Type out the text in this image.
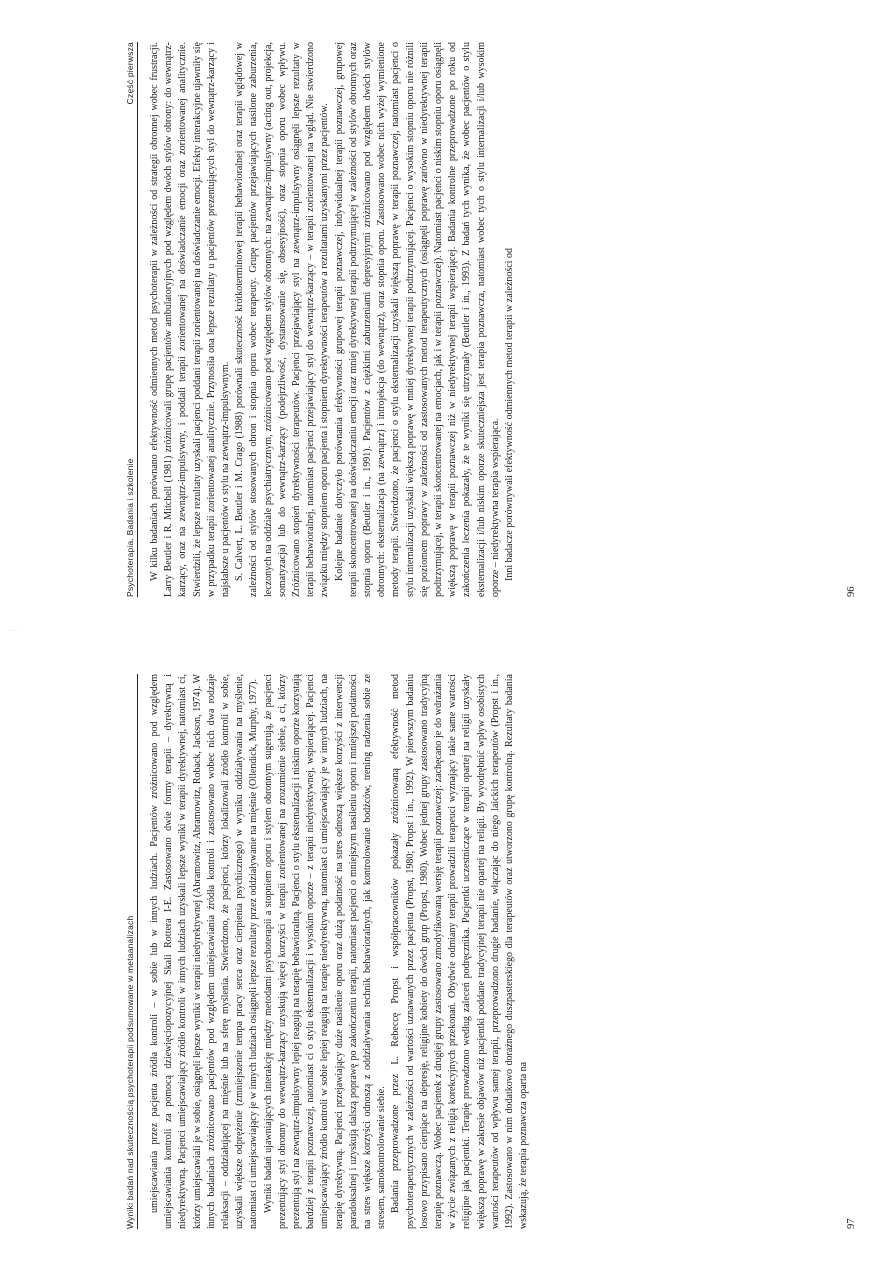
Psychoterapia. Badania i szkolenie
Część pierwsza W kilku badaniach porównano efektywność odmiennych metod psychoterapii w zależności od strategii obronnej wobec frustracji. Larry Beutler i R. Mitchell (1981) zróżnicowali grupę pacjentów ambulatoryjnych pod względem dwóch stylów obrony: do wewnątrz-karzący, oraz na zewnątrz-impulsywny, i poddali terapii zorientowanej na doświadczanie emocji oraz zorientowanej analitycznie. Stwierdzili, że lepsze rezultaty uzyskali pacjenci poddani terapii zorientowanej na doświadczanie emocji. Efekty interakcyjne ujawniły się w przypadku terapii zorientowanej analitycznie. Przynosiła ona lepsze rezultaty u pacjentów prezentujących styl do wewnątrz-karzący i najsłabsze u pacjentów o stylu na zewnątrz-impulsywnym. S. Calvert, L. Beutler i M. Crago (1988) porównali skuteczność krótkoterminowej terapii behawioralnej oraz terapii wglądowej w zależności od stylów stosowanych obron i stopnia oporu wobec terapeuty. Grupę pacjentów przejawiających nasilone zaburzenia, leczonych na oddziale psychiatrycznym, zróżnicowano pod względem stylów obronnych: na zewnątrz-impulsywny (acting out, projekcja, somatyzacja) lub do wewnątrz-karzący (podejrzliwość, dystansowanie się, obsesyjność), oraz stopnia oporu wobec wpływu. Zróżnicowano stopień dyrektywności terapeutów. Pacjenci przejawiający styl na zewnątrz-impulsywny osiągnęli lepsze rezultaty w terapii behawioralnej, natomiast pacjenci przejawiający styl do wewnątrz-karzący – w terapii zorientowanej na wgląd. Nie stwierdzono związku między stopniem oporu pacjenta i stopniem dyrektywności terapeutów a rezultatami uzyskanymi przez pacjentów. Kolejne badanie dotyczyło porównania efektywności grupowej terapii poznawczej, indywidualnej terapii poznawczej, grupowej terapii skoncentrowanej na doświadczaniu emocji oraz mniej dyrektywnej terapii podtrzymującej w zależności od stylów obronnych oraz stopnia oporu (Beutler i in., 1991). Pacjentów z ciężkimi zaburzeniami depresyjnymi zróżnicowano pod względem dwóch stylów obronnych: eksternalizacja (na zewnątrz) i introjekcja (do wewnątrz), oraz stopnia oporu. Zastosowano wobec nich wyżej wymienione metody terapii. Stwierdzono, że pacjenci o stylu eksternalizacji uzyskali większą poprawę w terapii poznawczej, natomiast pacjenci o stylu internalizacji uzyskali większą poprawę w mniej dyrektywnej terapii podtrzymującej. Pacjenci o wysokim stopniu oporu nie różnili się poziomem poprawy w zależności od zastosowanych metod terapeutycznych (osiągnęli poprawę zarówno w niedyrektywnej terapii podtrzymującej, w terapii skoncentrowanej na emocjach, jak i w terapii poznawczej). Natomiast pacjenci o niskim stopniu oporu osiągnęli większą poprawę w terapii poznawczej niż w niedyrektywnej terapii wspierającej. Badania kontrolne przeprowadzone po roku od zakończenia leczenia pokazały, że te wyniki się utrzymały (Beutler i in., 1993). Z badań tych wynika, że wobec pacjentów o stylu eksternalizacji i/lub niskim oporze skuteczniejsza jest terapia poznawcza, natomiast wobec tych o stylu internalizacji i/lub wysokim oporze – niedyrektywna terapia wspierająca. Inni badacze porównywali efektywność odmiennych metod terapii w zależności od

96
· · ·
Wyniki badań nad skutecznością psychoterapii podsumowane w metaanalizach umiejscawiania przez pacjenta źródła kontroli – w sobie lub w innych ludziach. Pacjentów zróżnicowano pod względem umiejscawiania kontroli za pomocą dziewięciopozycyjnej Skali Rottera I-E. Zastosowano dwie formy terapii – dyrektywną i niedyrektywną. Pacjenci umiejscawiający źródło kontroli w innych ludziach uzyskali lepsze wyniki w terapii dyrektywnej, natomiast ci, którzy umiejscawiali je w sobie, osiągnęli lepsze wyniki w terapii niedyrektywnej (Abramowitz, Abramowitz, Roback, Jackson, 1974). W innych badaniach zróżnicowano pacjentów pod względem umiejscawiania źródła kontroli i zastosowano wobec nich dwa rodzaje relaksacji – oddziałującej na mięśnie lub na sferę myślenia. Stwierdzono, że pacjenci, którzy lokalizowali źródło kontroli w sobie, uzyskali większe odprężenie (zmniejszenie tempa pracy serca oraz cierpienia psychicznego) w wyniku oddziaływania na myślenie, natomiast ci umiejscawiający je w innych ludziach osiągnęli lepsze rezultaty przez oddziaływanie na mięśnie (Ollendick, Murphy, 1977). Wyniki badań ujawniających interakcję między metodami psychoterapii a stopniem oporu i stylem obronnym sugerują, że pacjenci prezentujący styl obronny do wewnątrz-karzący uzyskują więcej korzyści w terapii zorientowanej na zrozumienie siebie, a ci, którzy prezentują styl na zewnątrz-impulsywny lepiej reagują na terapię behawioralną. Pacjenci o stylu eksternalizacji i niskim oporze korzystają bardziej z terapii poznawczej, natomiast ci o stylu eksternalizacji i wysokim oporze – z terapii niedyrektywnej, wspierającej. Pacjenci umiejscawiający źródło kontroli w sobie lepiej reagują na terapię niedyrektywną, natomiast ci umiejscawiający je w innych ludziach, na terapię dyrektywną. Pacjenci przejawiający duże nasilenie oporu oraz dużą podatność na stres odnoszą większe korzyści z interwencji paradoksalnej i uzyskują dalszą poprawę po zakończeniu terapii, natomiast pacjenci o mniejszym nasileniu oporu i mniejszej podatności na stres większe korzyści odnoszą z oddziaływania technik behawioralnych, jak kontrolowanie bodźców, trening radzenia sobie ze stresem, samokontrolowanie siebie. Badania przeprowadzone przez L. Rebeccę Propst i współpracowników pokazały zróżnicowaną efektywność metod psychoterapeutycznych w zależności od wartości uznawanych przez pacjenta (Propst, 1980; Propst i in., 1992). W pierwszym badaniu losowo przypisano cierpiące na depresję, religijne kobiety do dwóch grup (Propst, 1980). Wobec jednej grupy zastosowano tradycyjną terapię poznawczą. Wobec pacjentek z drugiej grupy zastosowano zmodyfikowaną wersję terapii poznawczej: zachęcano je do wdrażania w życie związanych z religią korekcyjnych przekonań. Obydwie odmiany terapii prowadzili terapeuci wyznający takie same wartości religijne jak pacjentki. Terapię prowadzono według zaleceń podręcznika. Pacjentki uczestniczące w terapii opartej na religii uzyskały większą poprawę w zakresie objawów niż pacjentki poddane tradycyjnej terapii nie opartej na religii. By wyodrębnić wpływ osobistych wartości terapeutów od wpływu samej terapii, przeprowadzono drugie badanie, włączając do niego laickich terapeutów (Propst i in., 1992). Zastosowano w nim dodatkowo doraźnego duszpasterskiego dla terapeutów oraz utworzono grupę kontrolną. Rezultaty badania wskazują, że terapia poznawcza oparta na	97
